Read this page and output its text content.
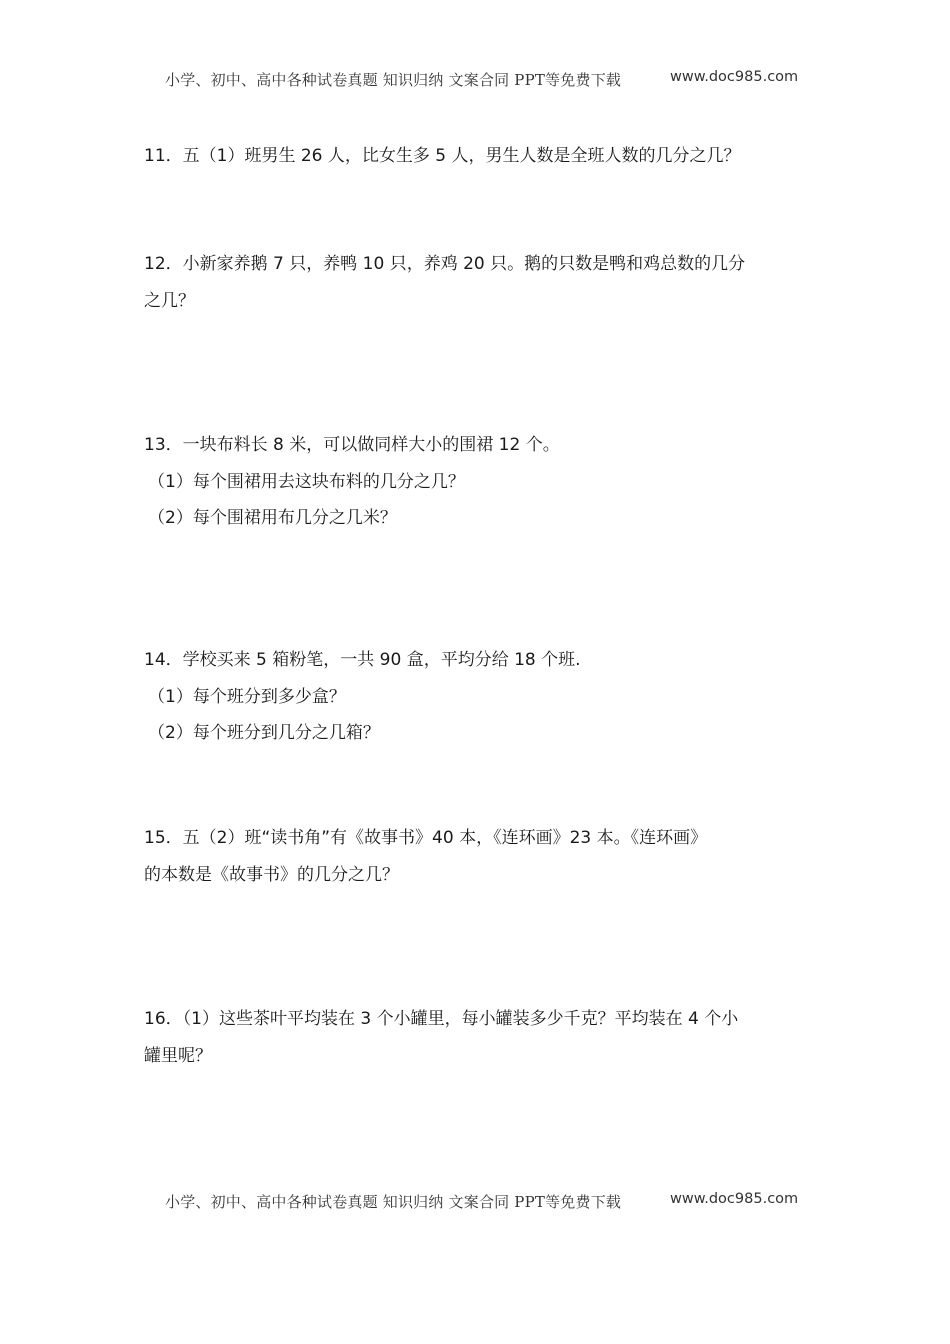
小学、初中、高中各种试卷真题 知识归纳 文案合同 PPT等免费下载	www.doc985.com
11．五（1）班男生 26 人，比女生多 5 人，男生人数是全班人数的几分之几？
12．小新家养鹅 7 只，养鸭 10 只，养鸡 20 只。鹅的只数是鸭和鸡总数的几分
之几？
13．一块布料长 8 米，可以做同样大小的围裙 12 个。
（1）每个围裙用去这块布料的几分之几？
（2）每个围裙用布几分之几米？
14．学校买来 5 箱粉笔，一共 90 盒，平均分给 18 个班.
（1）每个班分到多少盒？
（2）每个班分到几分之几箱？
15．五（2）班“读书角”有《故事书》40 本，《连环画》23 本。《连环画》
的本数是《故事书》的几分之几？
16．（1）这些茶叶平均装在 3 个小罐里，每小罐装多少千克？平均装在 4 个小
罐里呢？
小学、初中、高中各种试卷真题 知识归纳 文案合同 PPT等免费下载	www.doc985.com
